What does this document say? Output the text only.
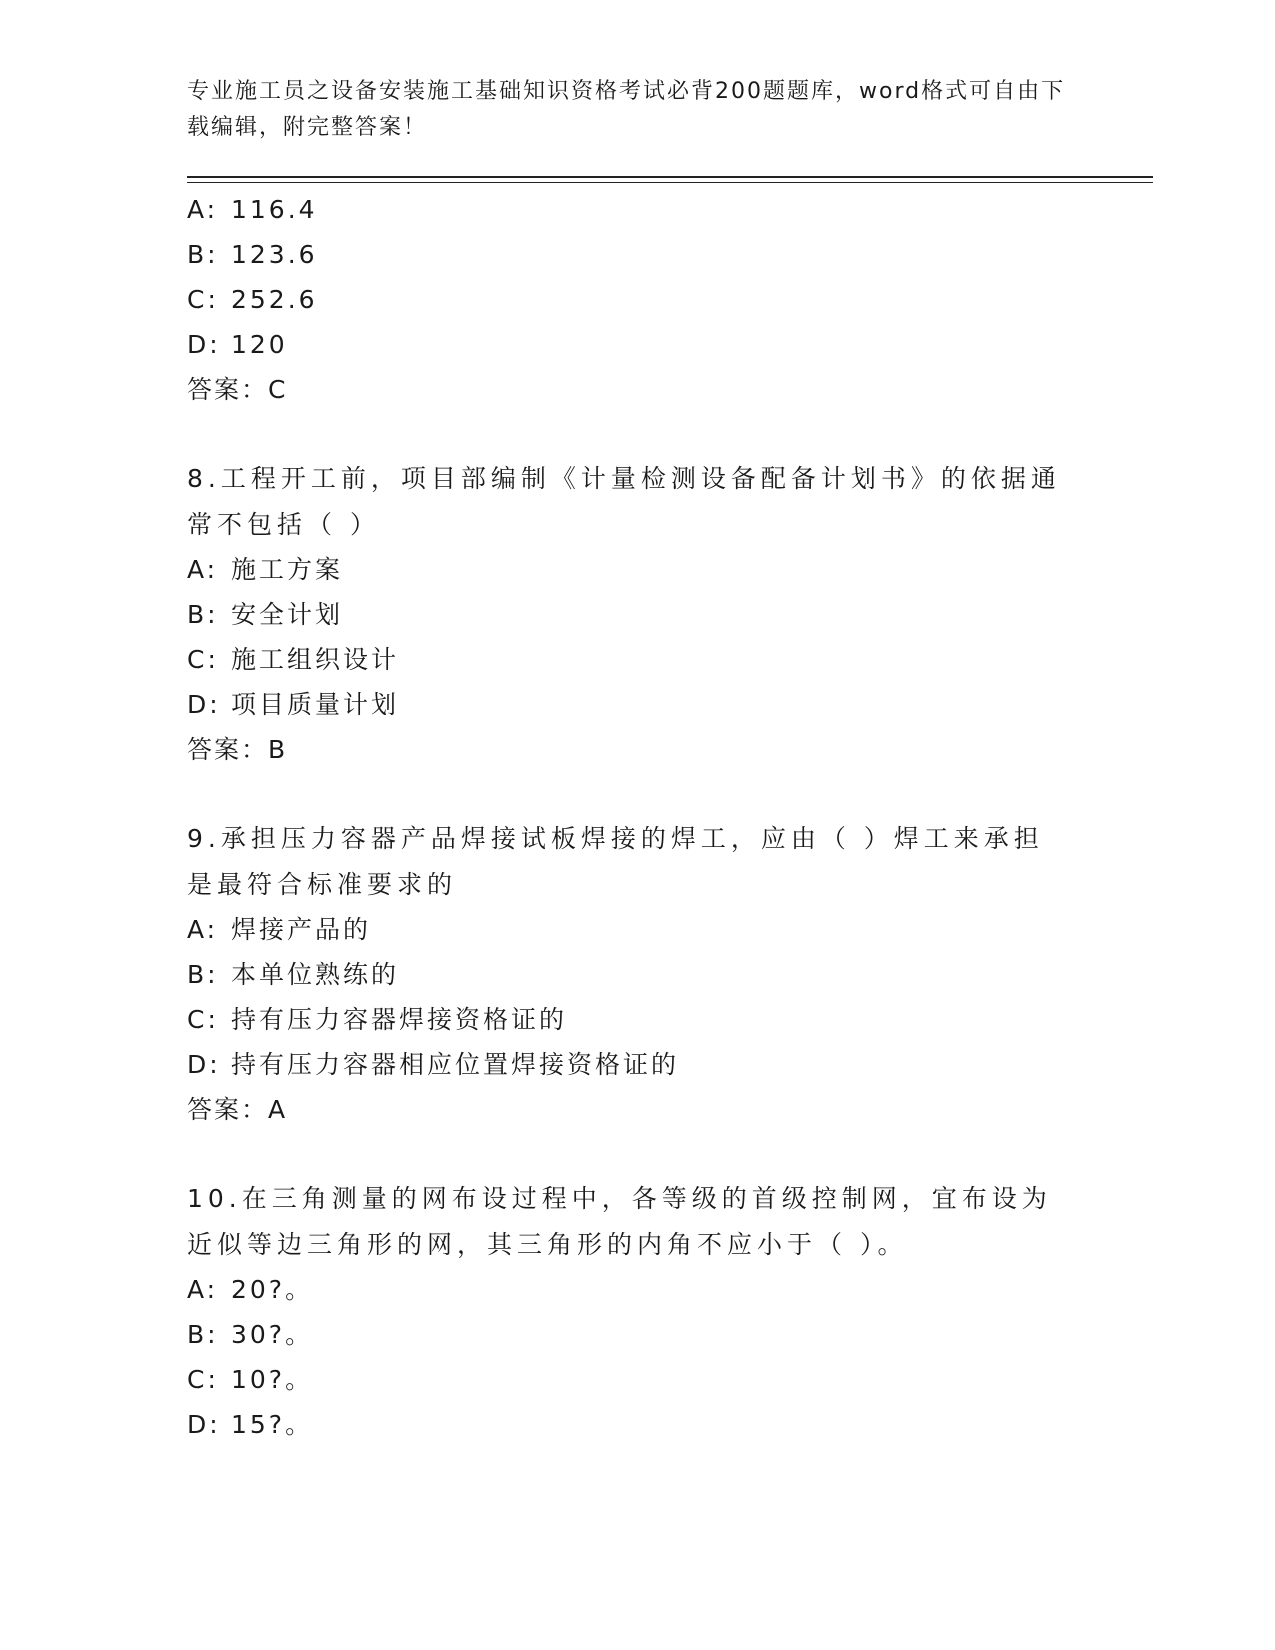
专业施工员之设备安装施工基础知识资格考试必背200题题库，word格式可自由下载编辑，附完整答案！
A: 116.4
B: 123.6
C: 252.6
D: 120
答案：C
8.工程开工前，项目部编制《计量检测设备配备计划书》的依据通常不包括（ ）
A: 施工方案
B: 安全计划
C: 施工组织设计
D: 项目质量计划
答案：B
9.承担压力容器产品焊接试板焊接的焊工，应由（ ）焊工来承担是最符合标准要求的
A: 焊接产品的
B: 本单位熟练的
C: 持有压力容器焊接资格证的
D: 持有压力容器相应位置焊接资格证的
答案：A
10.在三角测量的网布设过程中，各等级的首级控制网，宜布设为近似等边三角形的网，其三角形的内角不应小于（ ）。
A: 20?。
B: 30?。
C: 10?。
D: 15?。
